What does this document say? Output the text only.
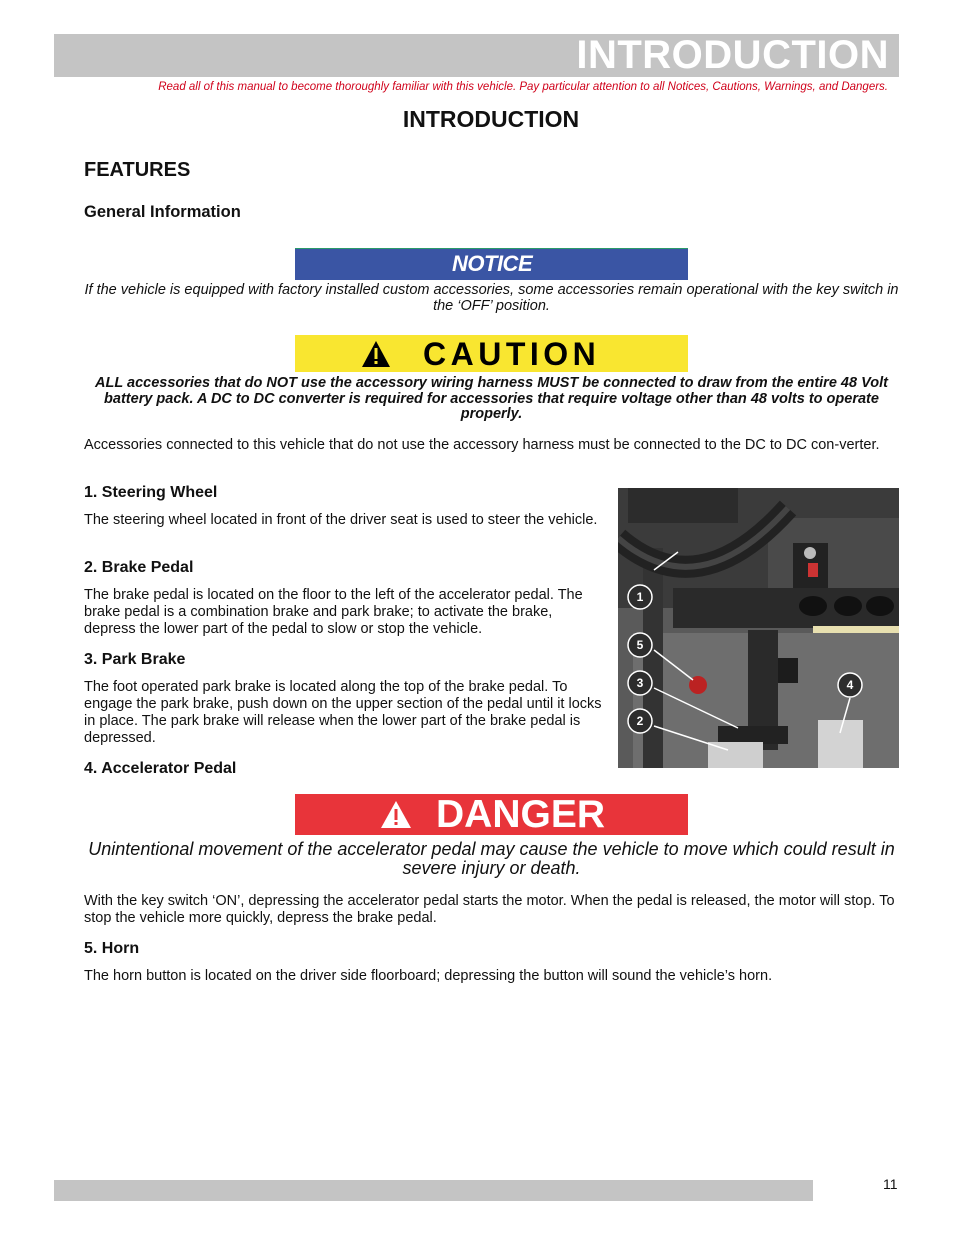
INTRODUCTION
Read all of this manual to become thoroughly familiar with this vehicle. Pay particular attention to all Notices, Cautions, Warnings, and Dangers.
INTRODUCTION
FEATURES
General Information
NOTICE
If the vehicle is equipped with factory installed custom accessories, some accessories remain operational with the key switch in the ‘OFF’ position.
CAUTION
ALL accessories that do NOT use the accessory wiring harness MUST be connected to draw from the entire 48 Volt battery pack. A DC to DC converter is required for accessories that require voltage other than 48 volts to operate properly.
Accessories connected to this vehicle that do not use the accessory harness must be connected to the DC to DC con-verter.
1. Steering Wheel
The steering wheel located in front of the driver seat is used to steer the vehicle.
2. Brake Pedal
The brake pedal is located on the floor to the left of the accelerator pedal. The brake pedal is a combination brake and park brake; to activate the brake, depress the lower part of the pedal to slow or stop the vehicle.
3. Park Brake
The foot operated park brake is located along the top of the brake pedal. To engage the park brake, push down on the upper section of the pedal until it locks in place. The park brake will release when the lower part of the brake pedal is depressed.
4. Accelerator Pedal
1
5
3
2
4
DANGER
Unintentional movement of the accelerator pedal may cause the vehicle to move which could result in severe injury or death.
With the key switch ‘ON’, depressing the accelerator pedal starts the motor. When the pedal is released, the motor will stop. To stop the vehicle more quickly, depress the brake pedal.
5. Horn
The horn button is located on the driver side floorboard; depressing the button will sound the vehicle’s horn.
11
